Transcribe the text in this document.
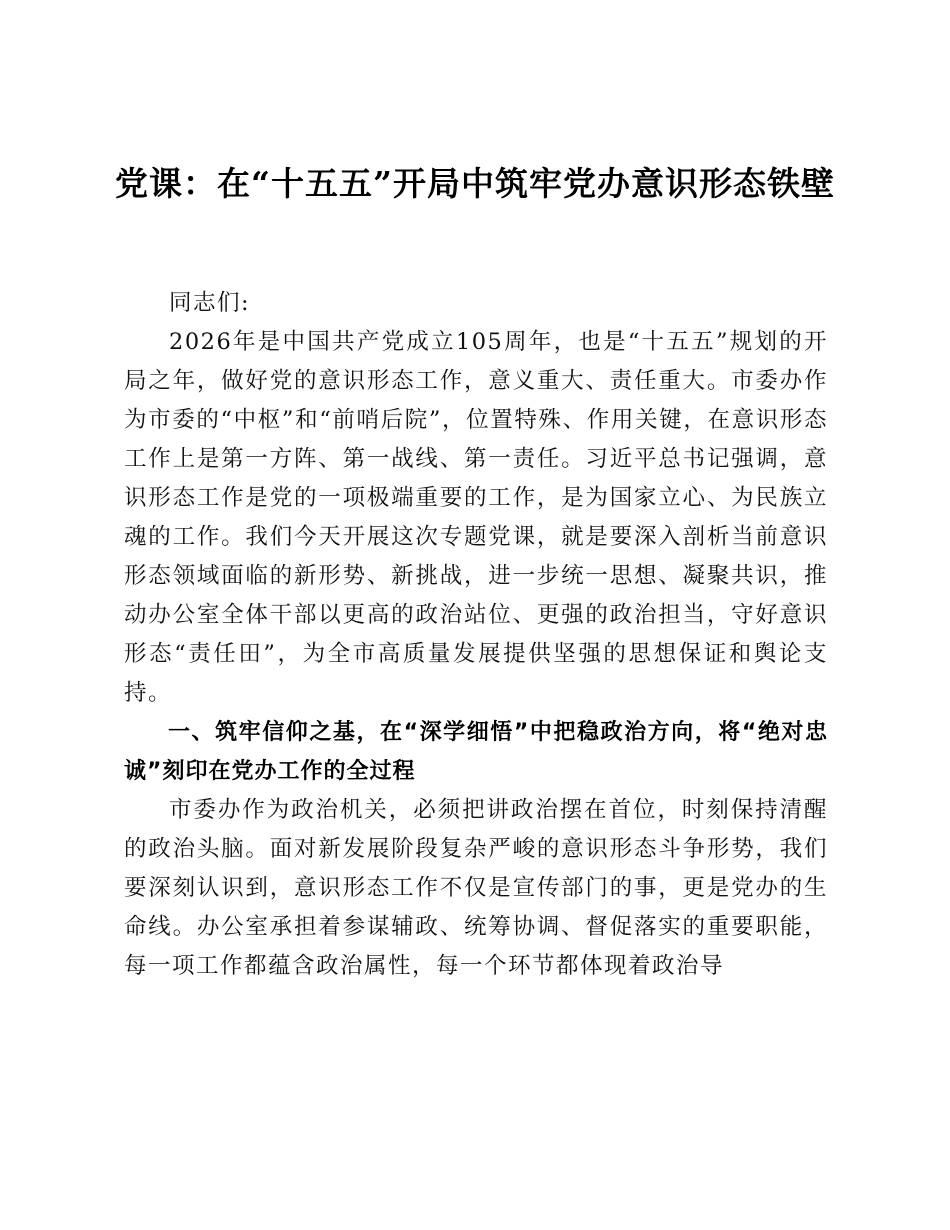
党课：在“十五五”开局中筑牢党办意识形态铁壁

同志们:

2026年是中国共产党成立105周年，也是“十五五”规划的开局之年，做好党的意识形态工作，意义重大、责任重大。市委办作为市委的“中枢”和“前哨后院”，位置特殊、作用关键，在意识形态工作上是第一方阵、第一战线、第一责任。习近平总书记强调，意识形态工作是党的一项极端重要的工作，是为国家立心、为民族立魂的工作。我们今天开展这次专题党课，就是要深入剖析当前意识形态领域面临的新形势、新挑战，进一步统一思想、凝聚共识，推动办公室全体干部以更高的政治站位、更强的政治担当，守好意识形态“责任田”，为全市高质量发展提供坚强的思想保证和舆论支持。

一、筑牢信仰之基，在“深学细悟”中把稳政治方向，将“绝对忠诚”刻印在党办工作的全过程

市委办作为政治机关，必须把讲政治摆在首位，时刻保持清醒的政治头脑。面对新发展阶段复杂严峻的意识形态斗争形势，我们要深刻认识到，意识形态工作不仅是宣传部门的事，更是党办的生命线。办公室承担着参谋辅政、统筹协调、督促落实的重要职能，每一项工作都蕴含政治属性，每一个环节都体现着政治导
